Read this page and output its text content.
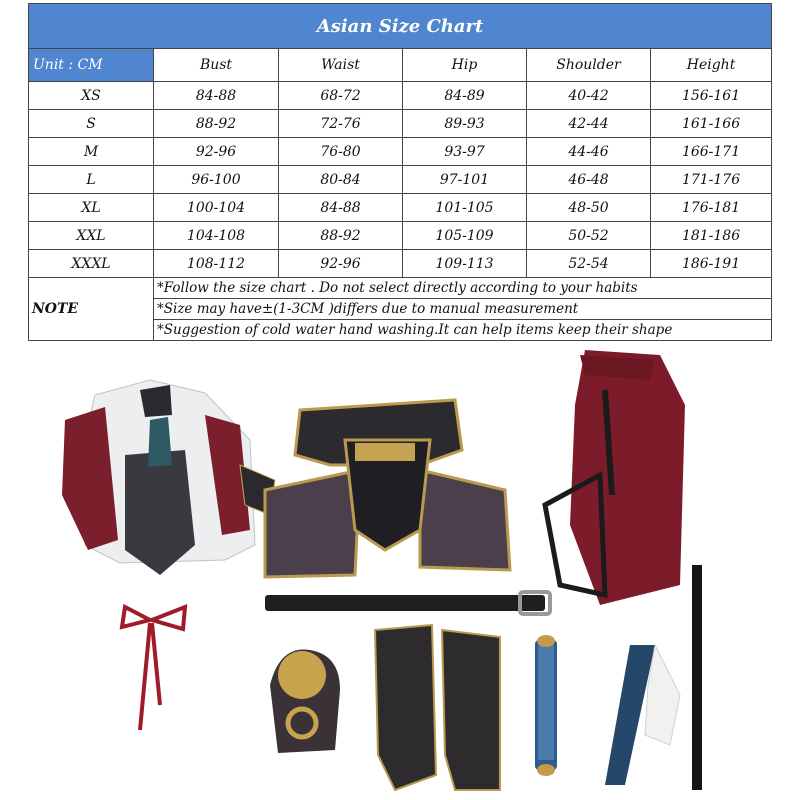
Asian Size Chart					
Unit : CM	Bust	Waist	Hip	Shoulder	Height
XS	84-88	68-72	84-89	40-42	156-161
S	88-92	72-76	89-93	42-44	161-166
M	92-96	76-80	93-97	44-46	166-171
L	96-100	80-84	97-101	46-48	171-176
XL	100-104	84-88	101-105	48-50	176-181
XXL	104-108	88-92	105-109	50-52	181-186
XXXL	108-112	92-96	109-113	52-54	186-191
NOTE	*Follow the size chart . Do not select directly according to your habits				
	*Size may have±(1-3CM )differs due to manual measurement				
	*Suggestion of cold water hand washing.It can help items keep their shape				
